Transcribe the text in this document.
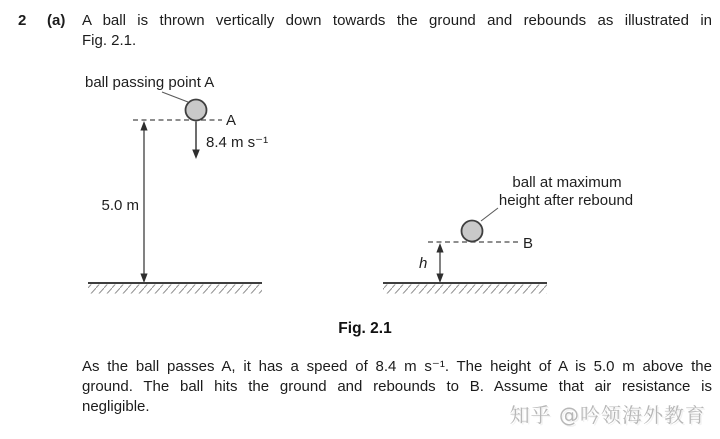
2	(a)	A ball is thrown vertically down towards the ground and rebounds as illustrated in
Fig. 2.1.
ball passing point A
A
8.4 m s⁻¹
5.0 m
ball at maximum
height after rebound
B
h
Fig. 2.1
As the ball passes A, it has a speed of 8.4 m s⁻¹. The height of A is 5.0 m above the
ground. The ball hits the ground and rebounds to B. Assume that air resistance is
negligible.	知乎 @吟领海外教育
